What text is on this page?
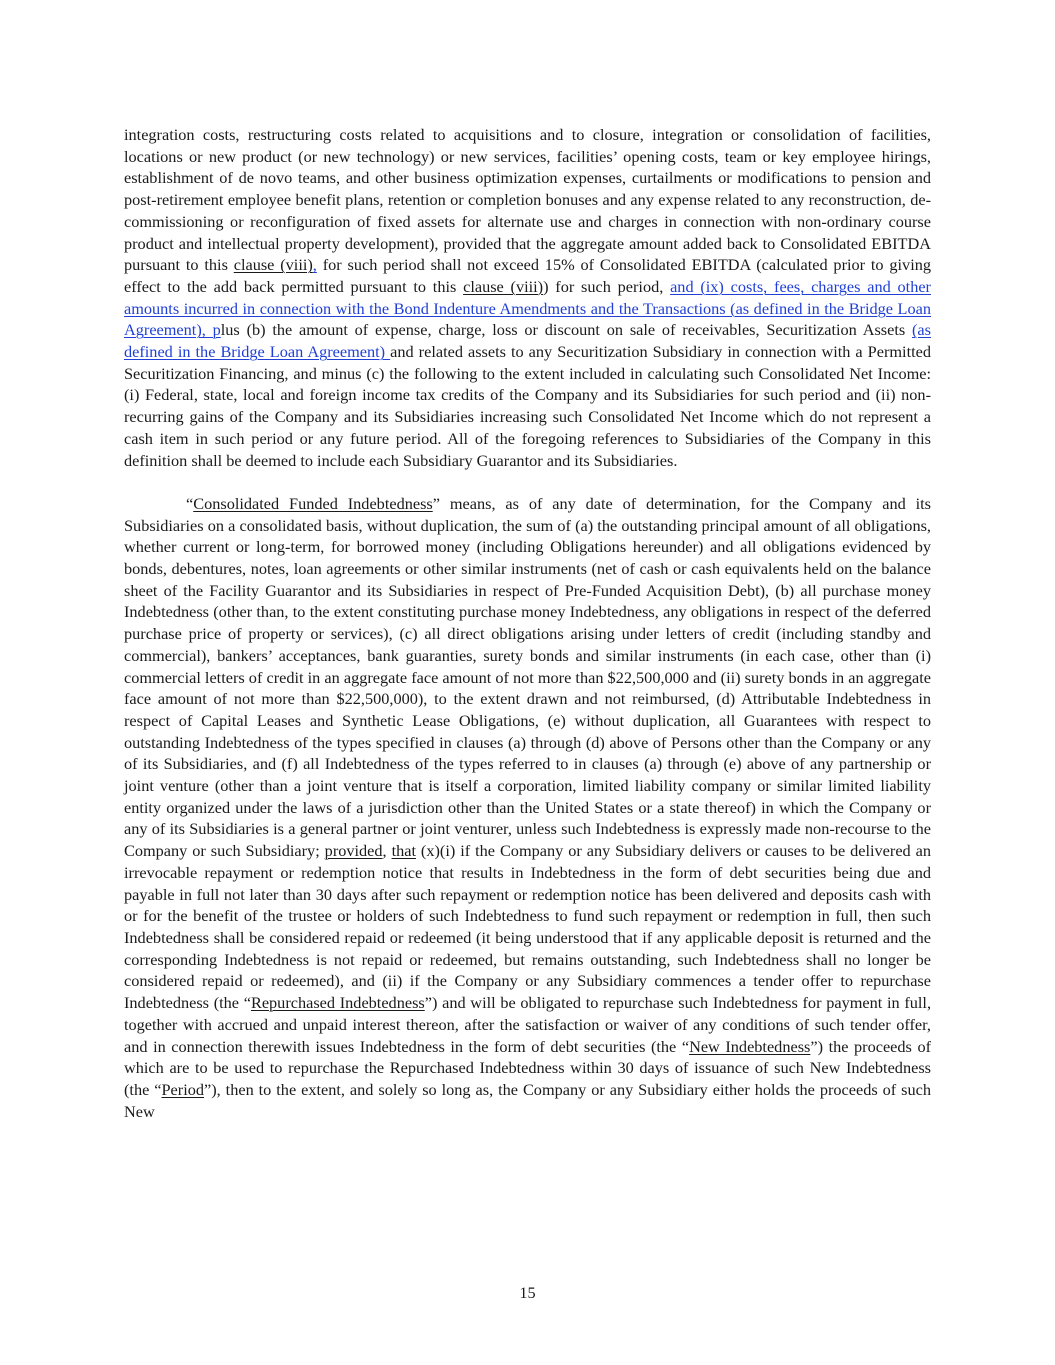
integration costs, restructuring costs related to acquisitions and to closure, integration or consolidation of facilities, locations or new product (or new technology) or new services, facilities’ opening costs, team or key employee hirings, establishment of de novo teams, and other business optimization expenses, curtailments or modifications to pension and post-retirement employee benefit plans, retention or completion bonuses and any expense related to any reconstruction, de-commissioning or reconfiguration of fixed assets for alternate use and charges in connection with non-ordinary course product and intellectual property development), provided that the aggregate amount added back to Consolidated EBITDA pursuant to this clause (viii), for such period shall not exceed 15% of Consolidated EBITDA (calculated prior to giving effect to the add back permitted pursuant to this clause (viii)) for such period, and (ix) costs, fees, charges and other amounts incurred in connection with the Bond Indenture Amendments and the Transactions (as defined in the Bridge Loan Agreement), plus (b) the amount of expense, charge, loss or discount on sale of receivables, Securitization Assets (as defined in the Bridge Loan Agreement) and related assets to any Securitization Subsidiary in connection with a Permitted Securitization Financing, and minus (c) the following to the extent included in calculating such Consolidated Net Income: (i) Federal, state, local and foreign income tax credits of the Company and its Subsidiaries for such period and (ii) non-recurring gains of the Company and its Subsidiaries increasing such Consolidated Net Income which do not represent a cash item in such period or any future period. All of the foregoing references to Subsidiaries of the Company in this definition shall be deemed to include each Subsidiary Guarantor and its Subsidiaries.

“Consolidated Funded Indebtedness” means, as of any date of determination, for the Company and its Subsidiaries on a consolidated basis, without duplication, the sum of (a) the outstanding principal amount of all obligations, whether current or long-term, for borrowed money (including Obligations hereunder) and all obligations evidenced by bonds, debentures, notes, loan agreements or other similar instruments (net of cash or cash equivalents held on the balance sheet of the Facility Guarantor and its Subsidiaries in respect of Pre-Funded Acquisition Debt), (b) all purchase money Indebtedness (other than, to the extent constituting purchase money Indebtedness, any obligations in respect of the deferred purchase price of property or services), (c) all direct obligations arising under letters of credit (including standby and commercial), bankers’ acceptances, bank guaranties, surety bonds and similar instruments (in each case, other than (i) commercial letters of credit in an aggregate face amount of not more than $22,500,000 and (ii) surety bonds in an aggregate face amount of not more than $22,500,000), to the extent drawn and not reimbursed, (d) Attributable Indebtedness in respect of Capital Leases and Synthetic Lease Obligations, (e) without duplication, all Guarantees with respect to outstanding Indebtedness of the types specified in clauses (a) through (d) above of Persons other than the Company or any of its Subsidiaries, and (f) all Indebtedness of the types referred to in clauses (a) through (e) above of any partnership or joint venture (other than a joint venture that is itself a corporation, limited liability company or similar limited liability entity organized under the laws of a jurisdiction other than the United States or a state thereof) in which the Company or any of its Subsidiaries is a general partner or joint venturer, unless such Indebtedness is expressly made non-recourse to the Company or such Subsidiary; provided, that (x)(i) if the Company or any Subsidiary delivers or causes to be delivered an irrevocable repayment or redemption notice that results in Indebtedness in the form of debt securities being due and payable in full not later than 30 days after such repayment or redemption notice has been delivered and deposits cash with or for the benefit of the trustee or holders of such Indebtedness to fund such repayment or redemption in full, then such Indebtedness shall be considered repaid or redeemed (it being understood that if any applicable deposit is returned and the corresponding Indebtedness is not repaid or redeemed, but remains outstanding, such Indebtedness shall no longer be considered repaid or redeemed), and (ii) if the Company or any Subsidiary commences a tender offer to repurchase Indebtedness (the “Repurchased Indebtedness”) and will be obligated to repurchase such Indebtedness for payment in full, together with accrued and unpaid interest thereon, after the satisfaction or waiver of any conditions of such tender offer, and in connection therewith issues Indebtedness in the form of debt securities (the “New Indebtedness”) the proceeds of which are to be used to repurchase the Repurchased Indebtedness within 30 days of issuance of such New Indebtedness (the “Period”), then to the extent, and solely so long as, the Company or any Subsidiary either holds the proceeds of such New

15
